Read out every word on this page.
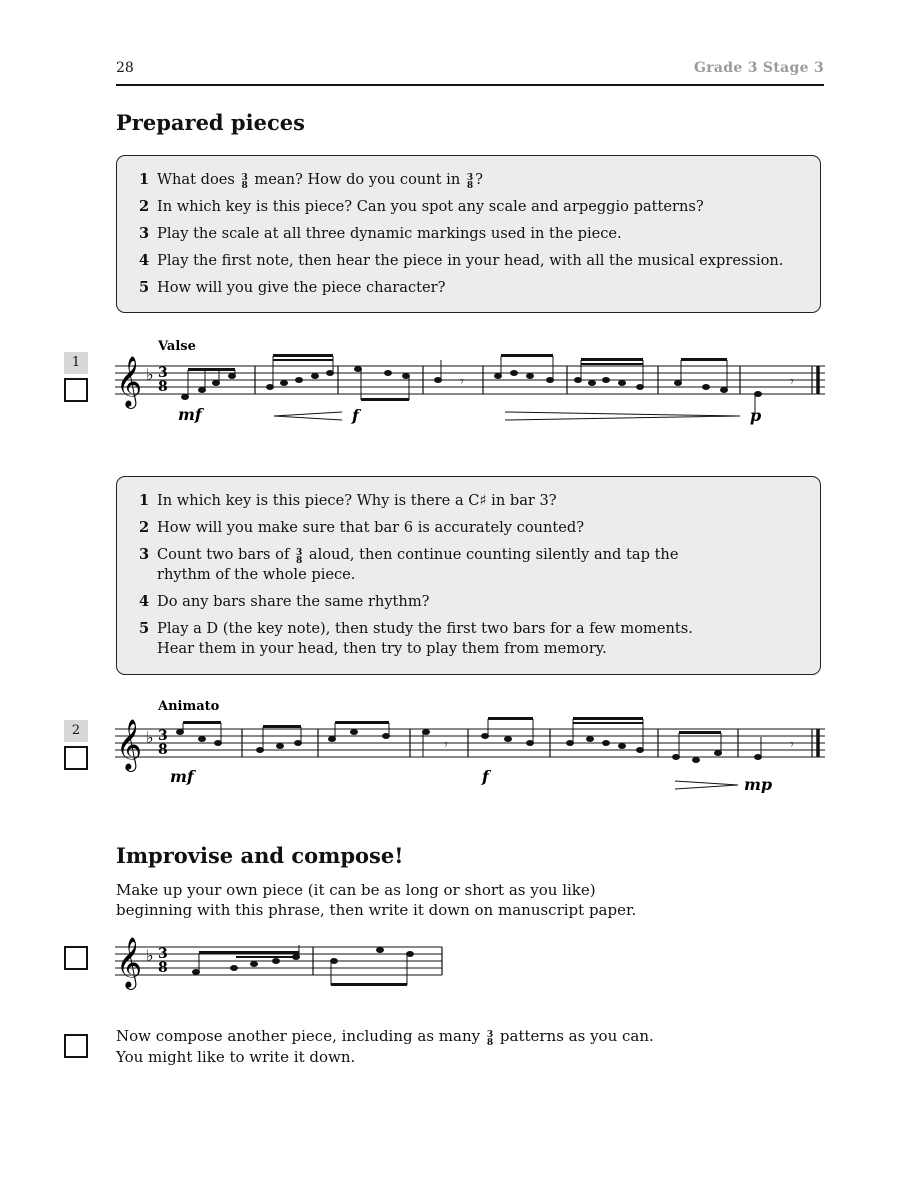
28	Grade 3 Stage 3
Prepared pieces
1 What does 3
8 mean? How do you count in 3
8 ?
2 In which key is this piece? Can you spot any scale and arpeggio patterns?
3 Play the scale at all three dynamic markings used in the piece.
4 Play the first note, then hear the piece in your head, with all the musical expression.
5 How will you give the piece character?
1
Valse
𝄞 ♭ 3
8	𝄾	𝄾
mf	f	p
1 In which key is this piece? Why is there a C♯ in bar 3?
2 How will you make sure that bar 6 is accurately counted?
3 Count two bars of 3
8 aloud, then continue counting silently and tap the
rhythm of the whole piece.
4 Do any bars share the same rhythm?
5 Play a D (the key note), then study the first two bars for a few moments.
Hear them in your head, then try to play them from memory.
2
Animato
𝄞 ♭ 3
8	𝄾	𝄾
mf	f	mp
Improvise and compose!
Make up your own piece (it can be as long or short as you like)
beginning with this phrase, then write it down on manuscript paper.
𝄞 ♭ 3
8
Now compose another piece, including as many 3
8 patterns as you can.
You might like to write it down.
